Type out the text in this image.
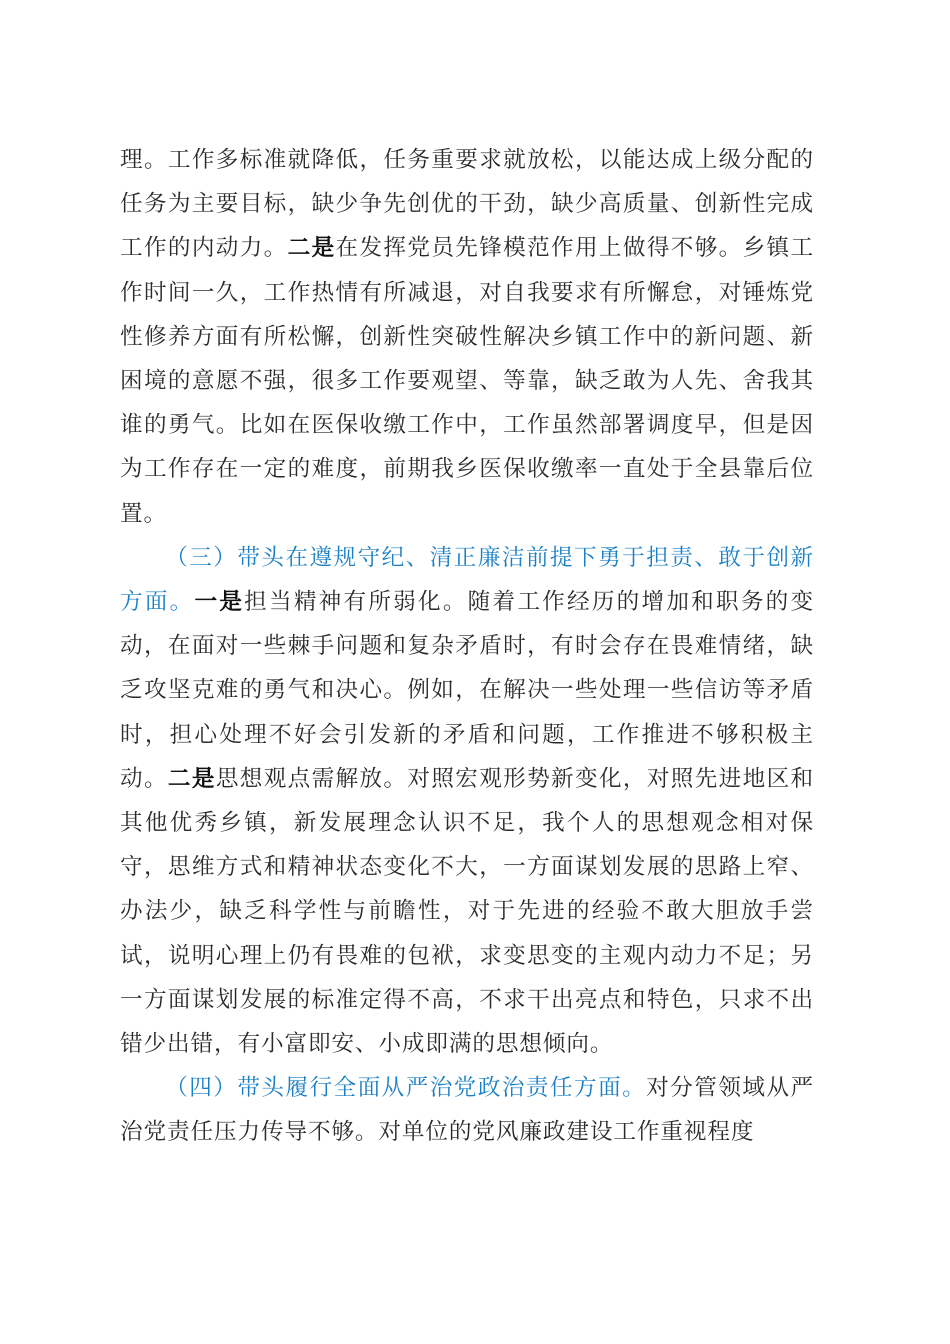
理。工作多标准就降低，任务重要求就放松，以能达成上级分配的任务为主要目标，缺少争先创优的干劲，缺少高质量、创新性完成工作的内动力。二是在发挥党员先锋模范作用上做得不够。乡镇工作时间一久，工作热情有所减退，对自我要求有所懈怠，对锤炼党性修养方面有所松懈，创新性突破性解决乡镇工作中的新问题、新困境的意愿不强，很多工作要观望、等靠，缺乏敢为人先、舍我其谁的勇气。比如在医保收缴工作中，工作虽然部署调度早，但是因为工作存在一定的难度，前期我乡医保收缴率一直处于全县靠后位置。

（三）带头在遵规守纪、清正廉洁前提下勇于担责、敢于创新方面。一是担当精神有所弱化。随着工作经历的增加和职务的变动，在面对一些棘手问题和复杂矛盾时，有时会存在畏难情绪，缺乏攻坚克难的勇气和决心。例如，在解决一些处理一些信访等矛盾时，担心处理不好会引发新的矛盾和问题，工作推进不够积极主动。二是思想观点需解放。对照宏观形势新变化，对照先进地区和其他优秀乡镇，新发展理念认识不足，我个人的思想观念相对保守，思维方式和精神状态变化不大，一方面谋划发展的思路上窄、办法少，缺乏科学性与前瞻性，对于先进的经验不敢大胆放手尝试，说明心理上仍有畏难的包袱，求变思变的主观内动力不足；另一方面谋划发展的标准定得不高，不求干出亮点和特色，只求不出错少出错，有小富即安、小成即满的思想倾向。

（四）带头履行全面从严治党政治责任方面。对分管领域从严治党责任压力传导不够。对单位的党风廉政建设工作重视程度
